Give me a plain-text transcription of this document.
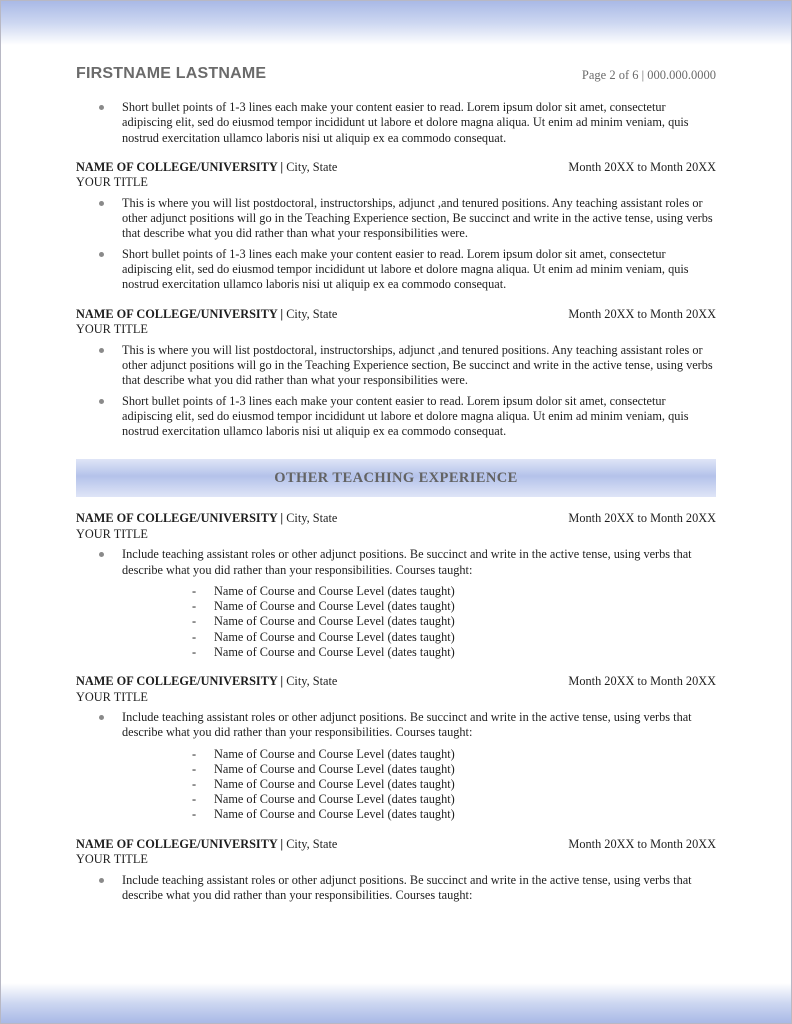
FIRSTNAME LASTNAME	Page 2 of 6 | 000.000.0000
Short bullet points of 1-3 lines each make your content easier to read. Lorem ipsum dolor sit amet, consectetur adipiscing elit, sed do eiusmod tempor incididunt ut labore et dolore magna aliqua. Ut enim ad minim veniam, quis nostrud exercitation ullamco laboris nisi ut aliquip ex ea commodo consequat.
NAME OF COLLEGE/UNIVERSITY | City, State	Month 20XX to Month 20XX
YOUR TITLE
This is where you will list postdoctoral, instructorships, adjunct ,and tenured positions. Any teaching assistant roles or other adjunct positions will go in the Teaching Experience section, Be succinct and write in the active tense, using verbs that describe what you did rather than what your responsibilities were.
Short bullet points of 1-3 lines each make your content easier to read. Lorem ipsum dolor sit amet, consectetur adipiscing elit, sed do eiusmod tempor incididunt ut labore et dolore magna aliqua. Ut enim ad minim veniam, quis nostrud exercitation ullamco laboris nisi ut aliquip ex ea commodo consequat.
NAME OF COLLEGE/UNIVERSITY | City, State	Month 20XX to Month 20XX
YOUR TITLE
This is where you will list postdoctoral, instructorships, adjunct ,and tenured positions. Any teaching assistant roles or other adjunct positions will go in the Teaching Experience section, Be succinct and write in the active tense, using verbs that describe what you did rather than what your responsibilities were.
Short bullet points of 1-3 lines each make your content easier to read. Lorem ipsum dolor sit amet, consectetur adipiscing elit, sed do eiusmod tempor incididunt ut labore et dolore magna aliqua. Ut enim ad minim veniam, quis nostrud exercitation ullamco laboris nisi ut aliquip ex ea commodo consequat.
OTHER TEACHING EXPERIENCE
NAME OF COLLEGE/UNIVERSITY | City, State	Month 20XX to Month 20XX
YOUR TITLE
Include teaching assistant roles or other adjunct positions. Be succinct and write in the active tense, using verbs that describe what you did rather than your responsibilities. Courses taught:
- Name of Course and Course Level (dates taught)
- Name of Course and Course Level (dates taught)
- Name of Course and Course Level (dates taught)
- Name of Course and Course Level (dates taught)
- Name of Course and Course Level (dates taught)
NAME OF COLLEGE/UNIVERSITY | City, State	Month 20XX to Month 20XX
YOUR TITLE
Include teaching assistant roles or other adjunct positions. Be succinct and write in the active tense, using verbs that describe what you did rather than your responsibilities. Courses taught:
- Name of Course and Course Level (dates taught)
- Name of Course and Course Level (dates taught)
- Name of Course and Course Level (dates taught)
- Name of Course and Course Level (dates taught)
- Name of Course and Course Level (dates taught)
NAME OF COLLEGE/UNIVERSITY | City, State	Month 20XX to Month 20XX
YOUR TITLE
Include teaching assistant roles or other adjunct positions. Be succinct and write in the active tense, using verbs that describe what you did rather than your responsibilities. Courses taught:
